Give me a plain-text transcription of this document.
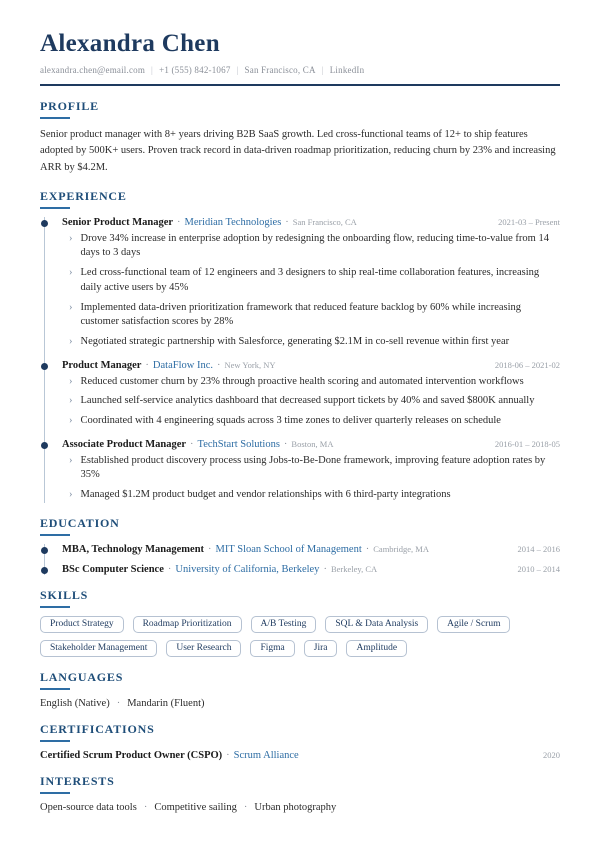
Alexandra Chen
alexandra.chen@email.com | +1 (555) 842-1067 | San Francisco, CA | LinkedIn
PROFILE

Senior product manager with 8+ years driving B2B SaaS growth. Led cross-functional teams of 12+ to ship features adopted by 500K+ users. Proven track record in data-driven roadmap prioritization, reducing churn by 23% and increasing ARR by $4.2M.

EXPERIENCE
Senior Product Manager · Meridian Technologies · San Francisco, CA	2021-03 – Present
› Drove 34% increase in enterprise adoption by redesigning the onboarding flow, reducing time-to-value from 14 days to 3 days
› Led cross-functional team of 12 engineers and 3 designers to ship real-time collaboration features, increasing daily active users by 45%
› Implemented data-driven prioritization framework that reduced feature backlog by 60% while increasing customer satisfaction scores by 28%
› Negotiated strategic partnership with Salesforce, generating $2.1M in co-sell revenue within first year
Product Manager · DataFlow Inc. · New York, NY	2018-06 – 2021-02
› Reduced customer churn by 23% through proactive health scoring and automated intervention workflows
› Launched self-service analytics dashboard that decreased support tickets by 40% and saved $800K annually
› Coordinated with 4 engineering squads across 3 time zones to deliver quarterly releases on schedule
Associate Product Manager · TechStart Solutions · Boston, MA	2016-01 – 2018-05
› Established product discovery process using Jobs-to-Be-Done framework, improving feature adoption rates by 35%
› Managed $1.2M product budget and vendor relationships with 6 third-party integrations
EDUCATION
MBA, Technology Management · MIT Sloan School of Management · Cambridge, MA	2014 – 2016
BSc Computer Science · University of California, Berkeley · Berkeley, CA	2010 – 2014
SKILLS
Product Strategy	Roadmap Prioritization	A/B Testing	SQL & Data Analysis	Agile / Scrum
Stakeholder Management	User Research	Figma	Jira	Amplitude
LANGUAGES
English (Native) · Mandarin (Fluent)
CERTIFICATIONS
Certified Scrum Product Owner (CSPO) · Scrum Alliance	2020
INTERESTS
Open-source data tools · Competitive sailing · Urban photography
